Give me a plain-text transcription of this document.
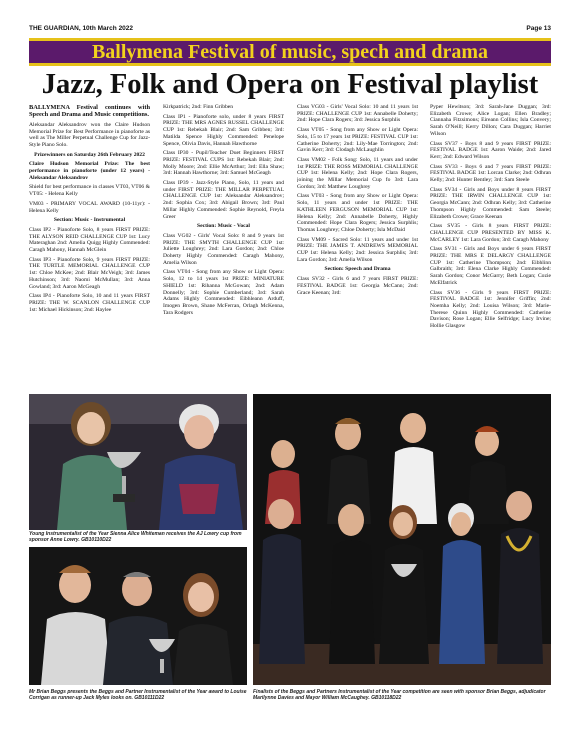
THE GUARDIAN, 10th March 2022	Page 13
Ballymena Festival of music, spech and drama
Jazz, Folk and Opera on Festival playlist

BALLYMENA Festival continues with Speech and Drama and Music competitions.

Aleksandar Aleksandrov won the Claire Hudson Memorial Prize for Best Performance in pianoforte as well as The Miller Perpetual Challenge Cup for Jazz-Style Piano Solo.

Prizewinners on Saturday 26th February 2022

Claire Hudson Memorial Prize: The best performance in pianoforte (under 12 years) - Aleksandar Aleksandrov

Shield for best performance in classes VT03, VT06 & VT05: - Helena Kelly

VM03 - PRIMARY VOCAL AWARD (10-11yr): - Helena Kelly

Section: Music - Instrumental

Class IP2 - Pianoforte Solo, 8 years FIRST PRIZE: THE ALYSON REID CHALLENGE CUP 1st: Lucy Materaghan 2nd: Amelia Quigg Highly Commended: Caragh Mahony, Hannah McGlein

Class IP3 - Pianoforte Solo, 9 years FIRST PRIZE: THE TURTLE MEMORIAL CHALLENGE CUP 1st: Chloe McKee; 2nd: Blair McVeigh; 3rd: James Hutchinson; 3rd: Naomi McMullan; 3rd: Anna Gowland; 3rd: Aaron McGeagh

Class IP4 - Pianoforte Solo, 10 and 11 years FIRST PRIZE: THE W. SCANLON CHALLENGE CUP 1st: Michael Hickinson; 2nd: Haylee

Kirkpatrick; 2nd: Finn Gribben

Class IP1 - Pianoforte solo, under 8 years FIRST PRIZE: THE MRS AGNES RUSSEL CHALLENGE CUP 1st: Rebekah Blair; 2nd: Sam Gribben; 3rd: Matilda Spence Highly Commended: Penelope Spence, Olivia Davis, Hannah Hawthorne

Class IP30 - Pupil/Teacher Duet Beginners FIRST PRIZE: FESTIVAL CUPS 1st: Rebekah Blair; 2nd: Molly Moore; 2nd: Ellie McArthur; 3rd: Ella Shaw; 3rd: Hannah Hawthorne; 3rd: Samuel McGeagh

Class IP39 - Jazz-Style Piano, Solo, 11 years and under FIRST PRIZE: THE MILLAR PERPETUAL CHALLENGE CUP 1st: Aleksandar Aleksandrov; 2nd: Sophia Cox; 3rd: Abigail Brown; 3rd: Paul Millar Highly Commended: Sophie Reynold, Freyla Greer

Section: Music - Vocal

Class VG02 - Girls' Vocal Solo: 8 and 9 years 1st PRIZE: THE SMYTH CHALLENGE CUP 1st: Juliette Loughrey; 2nd: Lara Gordon; 2nd: Chloe Doherty Highly Commended: Caragh Mahony, Amelia Wilson

Class VT04 - Song from any Show or Light Opera: Solo, 12 to 14 years 1st PRIZE: MINIATURE SHIELD 1st: Rihanna McGowan; 2nd: Adam Donnelly; 3rd: Sophie Cumberland; 3rd: Sarah Adams Highly Commended: Eibhleann Arduff, Imogen Brown, Shane McFerran, Orlagh McKenna, Tara Rodgers

Class VG03 - Girls' Vocal Solo: 10 and 11 years 1st PRIZE: CHALLENGE CUP 1st: Annabelle Doherty; 2nd: Hope Clara Rogers; 3rd: Jessica Surphlis

Class VT05 - Song from any Show or Light Opera: Solo, 15 to 17 years 1st PRIZE: FESTIVAL CUP 1st: Catherine Doherty; 2nd: Lily-Mae Torrington; 2nd: Gavin Kerr; 3rd: Clodagh McLaughlin

Class VM02 - Folk Song: Solo, 11 years and under 1st PRIZE: THE ROSS MEMORIAL CHALLENGE CUP 1st: Helena Kelly; 2nd: Hope Clara Rogers, joining the Millar Memorial Cup fo 3rd: Lara Gordon; 3rd: Matthew Loughrey

Class VT03 - Song from any Show or Light Opera: Solo, 11 years and under 1st PRIZE: THE KATHLEEN FERGUSON MEMORIAL CUP 1st: Helena Kelly; 2nd: Annabelle Doherty, Highly Commended: Hope Clara Rogers; Jessica Surphlis; Thomas Loughrey; Chloe Doherty; Isla McDaid

Class VM09 - Sacred Solo: 11 years and under 1st PRIZE: THE JAMES T. ANDREWS MEMORIAL CUP 1st: Helena Kelly; 2nd: Jessica Surphlis; 3rd: Lara Gordon; 3rd: Amelia Wilson

Section: Speech and Drama

Class SV32 - Girls 6 and 7 years FIRST PRIZE: FESTIVAL BADGE 1st: Georgia McCann; 2nd: Grace Keenan; 3rd:

Pyper Hewitson; 3rd: Sarah-Jane Duggan; 3rd: Elizabeth Crowe; Alice Logan; Ellen Bradley; Ciannaha Fitzsimons; Eireann Collins; Isla Convery; Sarah O'Neill; Kerry Dillon; Cara Duggan; Harriet Wilson

Class SV37 - Boys 8 and 9 years FIRST PRIZE: FESTIVAL BADGE 1st: Aaron Waide; 2nd: Jared Kerr; 2nd: Edward Wilson

Class SV33 - Boys 6 and 7 years FIRST PRIZE: FESTIVAL BADGE 1st: Lorcan Clarke; 2nd: Odhran Kelly; 2nd: Hunter Bentley; 3rd: Sam Steele

Class SV34 - Girls and Boys under 8 years FIRST PRIZE: THE IRWIN CHALLENGE CUP 1st: Georgia McCann; 2nd: Odhran Kelly; 3rd: Catherine Thompson Highly Commended: Sam Steele; Elizabeth Crowe; Grace Keenan

Class SV35 - Girls 8 years FIRST PRIZE: CHALLENGE CUP PRESENTED BY MISS K. McCARLEY 1st: Lara Gordon; 3rd: Caragh Mahony

Class SV31 - Girls and Boys under 6 years FIRST PRIZE: THE MRS E DELARGY CHALLENGE CUP 1st: Catherine Thompson; 2nd: Eibhlinn Galbraith; 3rd: Elena Clarke Highly Commended: Sarah Gordon; Conor McGarry; Beth Logan; Cozie McElfatrick

Class SV36 - Girls 9 years FIRST PRIZE: FESTIVAL BADGE 1st: Jennifer Griffin; 2nd: Noemha Kelly; 2nd: Louisa Wilson; 3rd: Marie-Therese Quinn Highly Commended: Catherine Davison; Rose Logan; Ellie Selfridge; Lucy Irvine; Hollie Glasgow

Young Instrumentalist of the Year Sienna Alice Whiteman receives the AJ Lowry cup from sponsor Anne Lowry. GB10110D22
Mr Brian Beggs presents the Beggs and Partner Instrumentalist of the Year award to Louise Corrigan as runner-up Jack Myles looks on. GB10111D22
Finalists of the Beggs and Partners Instrumentalist of the Year competition are seen with sponsor Brian Beggs, adjudicator Marilynne Davies and Mayor William McCaughey. GB10118D22
